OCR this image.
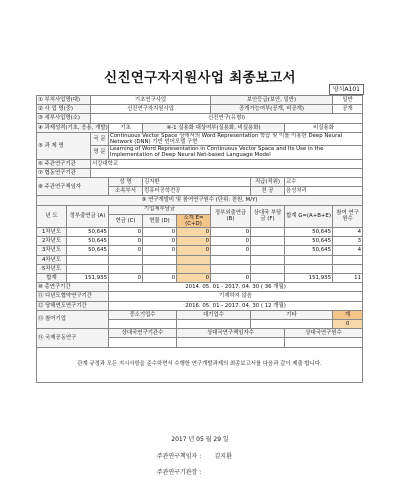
신진연구자지원사업 최종보고서
양식A101
① 부처사업명(대)		기초연구사업				보안등급(보안, 일반)			일반
② 사 업 명(중)		신진연구자지원사업				공개가능여부(공개, 비공개)			공개
③ 세부사업명(소)		신진연구(유형I)							
④ 과제성격(기초, 응용, 개발)			기초	④-1 실용화 대상여부(실용화, 비실용화)				비실용화	
⑤ 과 제 명		국 문	Continuous Vector Space 상에서의 Word Representation 학습 및 이를 이용한 Deep Neural Network (DNN) 기반 언어모델 구현						
		영 문	Learning of Word Representation in Continuous Vector Space and Its Use in the Implementation of Deep Neural Net-based Language Model						
⑥ 주관연구기관		서강대학교							
⑦ 협동연구기관									
⑧ 주관연구책임자			성 명	김지환			직급(직위)	교수	
			소속부서	컴퓨터공학전공			전 공	음성처리	
⑨ 연구개발비 및 참여연구원수 (단위: 천원, M/Y)									
년 도	정부출연금 (A)		기업체부담금			정부외출연금 (B)	상대국 부담금 (F)	합계 G=(A+B+E)	참여 연구원수
			현금 (C)	현물 (D)	소계 E=(C+D)				
1차년도	50,645		0	0	0	0		50,645	4
2차년도	50,645		0	0	0	0		50,645	3
3차년도	50,645		0	0	0	0		50,645	4
4차년도									
5차년도									
합계	151,935		0	0	0	0		151,935	11
⑩ 총연구기간			2014. 05. 01 - 2017. 04. 30 ( 36 개월)						
⑪ 다년도협약연구기간			기재하지 않음						
⑫ 당해연도연구기간			2016. 05. 01 - 2017. 04. 30 ( 12 개월)						
⑬ 참여기업			중소기업수		대기업수		기타		계
									0
⑭ 국제공동연구			상대국연구기관수		상대국연구책임자수			상대국연구원수	

관계 규정과 모든 지시사항을 준수하면서 수행한 연구개발과제의 최종보고서를 다음과 같이 제출 합니다.									
2017 년 05 월 29 일
주관연구책임자 : 김지환
주관연구기관장 :
